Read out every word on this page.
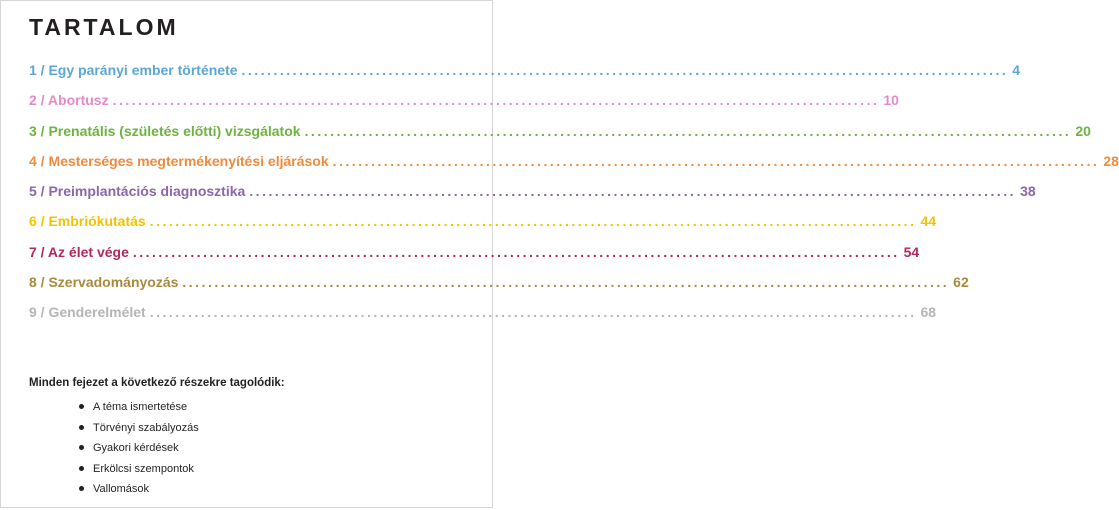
TARTALOM
1 / Egy parányi ember története ........................................................................................................................ 4
2 / Abortusz ........................................................................................................................ 10
3 / Prenatális (születés előtti) vizsgálatok ........................................................................................................................ 20
4 / Mesterséges megtermékenyítési eljárások ........................................................................................................................ 28
5 / Preimplantációs diagnosztika ........................................................................................................................ 38
6 / Embriókutatás ........................................................................................................................ 44
7 / Az élet vége ........................................................................................................................ 54
8 / Szervadományozás ........................................................................................................................ 62
9 / Genderelmélet ........................................................................................................................ 68
Minden fejezet a következő részekre tagolódik:
A téma ismertetése
Törvényi szabályozás
Gyakori kérdések
Erkölcsi szempontok
Vallomások
